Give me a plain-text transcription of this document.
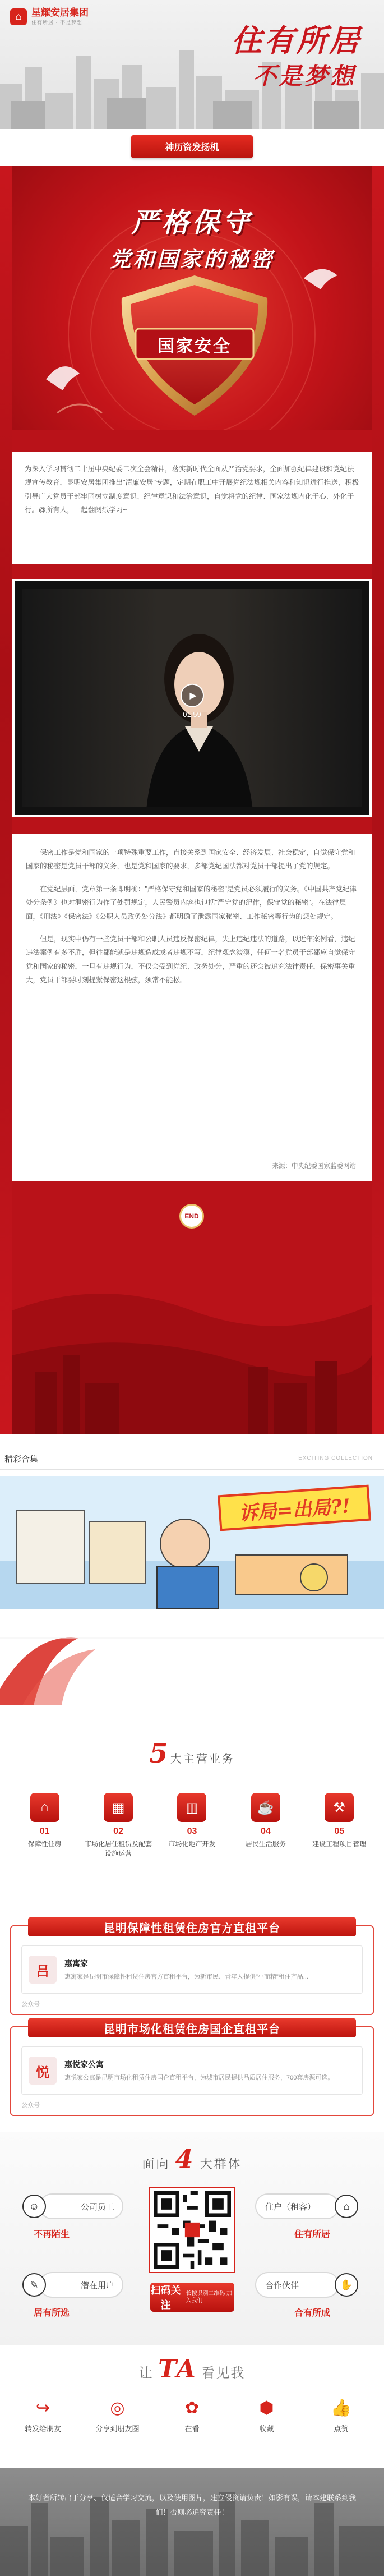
⌂	星耀安居集团
住有所居 · 不是梦想
住有所居
不是梦想
神历资发扬机
严格保守
党和国家的秘密
国家安全
为深入学习贯彻二十届中央纪委二次全会精神，落实新时代全面从严治党要求，全面加强纪律建设和党纪法规宣传教育，昆明安居集团推出"清廉安居"专题，定期在职工中开展党纪法规相关内容和知识进行推送，积极引导广大党员干部牢固树立制度意识、纪律意识和法治意识，自觉将党的纪律、国家法规内化于心、外化于行。@所有人，一起翻阅纸学习~
▶
01:59

保密工作是党和国家的一项特殊重要工作，直接关系到国家安全、经济发展、社会稳定，自觉保守党和国家的秘密是党员干部的义务，也是党和国家的要求，多部党纪国法都对党员干部提出了党的规定。

在党纪层面，党章第一条即明确："严格保守党和国家的秘密"是党员必须履行的义务。《中国共产党纪律处分条例》也对泄密行为作了处罚规定，人民警员内容也包括"严守党的纪律，保守党的秘密"。在法律层面，《刑法》《保密法》《公职人员政务处分法》都明确了泄露国家秘密、工作秘密等行为的惩处规定。

但是，现实中仍有一些党员干部和公职人员违反保密纪律，失上违纪违法的道路，以近年案例看，违纪违法案例有多不胜，但往都能就是违规造成或者违规不写，纪律观念淡漠，任何一名党员干部都应自觉保守党和国家的秘密，一旦有违规行为，不仅会受到党纪、政务处分，严重的还会被追究法律责任，保密事关重大，党员干部要时刻提紧保密这根弦，须常不能松。

来源：中央纪委国家监委网站
END
精彩合集	EXCITING COLLECTION
诉局=出局?!
5 大主营业务
⌂
01
保障性住房
▦
02
市场化居住租赁及配套设施运营
▥
03
市场化地产开发
☕
04
居民生活服务
⚒
05
建设工程项目管理
昆明保障性租赁住房官方直租平台
吕
惠寓家
惠寓家是昆明市保障性租赁住房官方直租平台，为新市民、青年人提供"小而精"租住产品...
公众号
昆明市场化租赁住房国企直租平台
悦
惠悦家公寓
惠悦家公寓是昆明市场化租赁住房国企直租平台，为城市居民提供品质居住服务，700套房源可选。
公众号
面向 4 大群体
公司员工
☺
不再陌生
住户（租客）	⌂
住有所居
潜在用户
✎
居有所选
合作伙伴	✋
合有所成
扫码关注
长按识别二维码 加入我们
让 TA 看见我
↪
转发给朋友
◎
分享到朋友圈
✿
在看
⬢
收藏
👍
点赞
本好者所转出于分享、仅适合学习交流，以及使用图片，建立侵资请负责！如影有误，请本建联系到我们！否则必追究责任！
